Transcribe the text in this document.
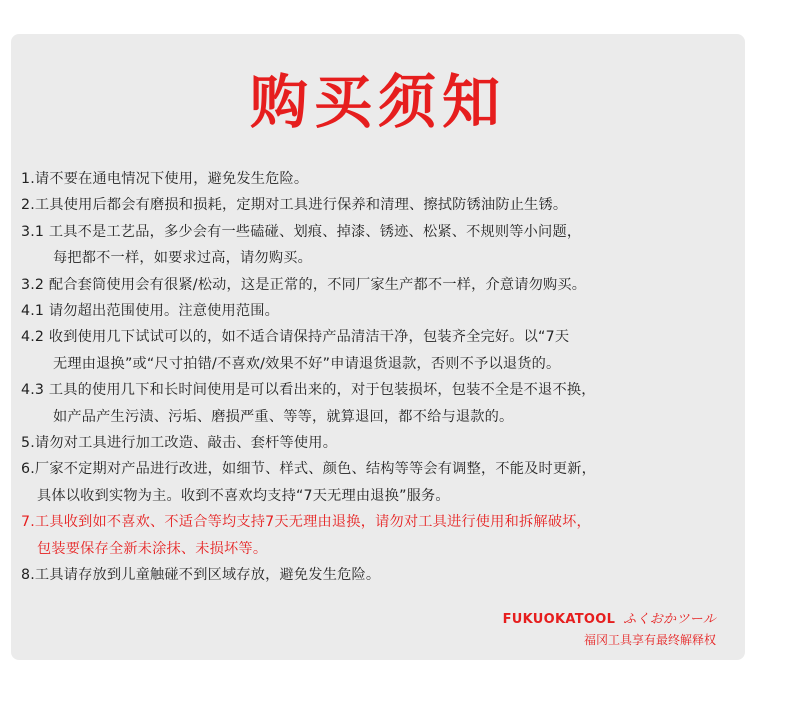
购买须知
1.请不要在通电情况下使用，避免发生危险。
2.工具使用后都会有磨损和损耗，定期对工具进行保养和清理、擦拭防锈油防止生锈。
3.1 工具不是工艺品，多少会有一些磕碰、划痕、掉漆、锈迹、松紧、不规则等小问题，
每把都不一样，如要求过高，请勿购买。
3.2 配合套筒使用会有很紧/松动，这是正常的，不同厂家生产都不一样，介意请勿购买。
4.1 请勿超出范围使用。注意使用范围。
4.2 收到使用几下试试可以的，如不适合请保持产品清洁干净，包装齐全完好。以“7天
无理由退换”或“尺寸拍错/不喜欢/效果不好”申请退货退款，否则不予以退货的。
4.3 工具的使用几下和长时间使用是可以看出来的，对于包装损坏，包装不全是不退不换，
如产品产生污渍、污垢、磨损严重、等等，就算退回，都不给与退款的。
5.请勿对工具进行加工改造、敲击、套杆等使用。
6.厂家不定期对产品进行改进，如细节、样式、颜色、结构等等会有调整，不能及时更新，
具体以收到实物为主。收到不喜欢均支持“7天无理由退换”服务。
7.工具收到如不喜欢、不适合等均支持7天无理由退换，请勿对工具进行使用和拆解破坏，
包装要保存全新未涂抹、未损坏等。
8.工具请存放到儿童触碰不到区域存放，避免发生危险。
FUKUOKATOOL ふくおかツール
福冈工具享有最终解释权
